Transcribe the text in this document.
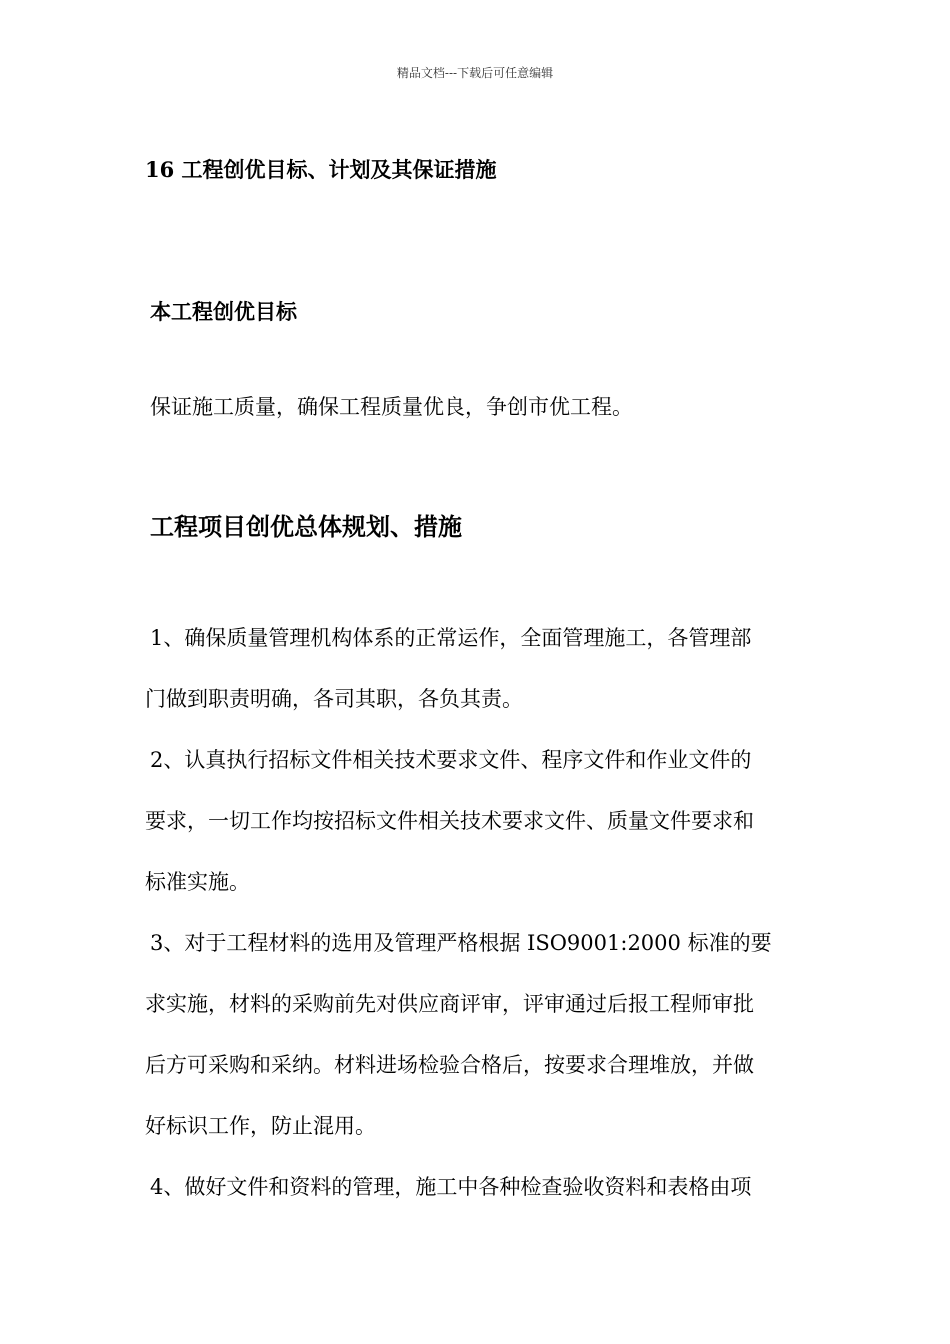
精品文档---下载后可任意编辑
16 工程创优目标、计划及其保证措施
本工程创优目标

保证施工质量，确保工程质量优良，争创市优工程。

工程项目创优总体规划、措施

1、确保质量管理机构体系的正常运作，全面管理施工，各管理部
门做到职责明确，各司其职，各负其责。

2、认真执行招标文件相关技术要求文件、程序文件和作业文件的
要求，一切工作均按招标文件相关技术要求文件、质量文件要求和
标准实施。

3、对于工程材料的选用及管理严格根据 ISO9001:2000 标准的要
求实施，材料的采购前先对供应商评审，评审通过后报工程师审批
后方可采购和采纳。材料进场检验合格后，按要求合理堆放，并做
好标识工作，防止混用。

4、做好文件和资料的管理，施工中各种检查验收资料和表格由项
